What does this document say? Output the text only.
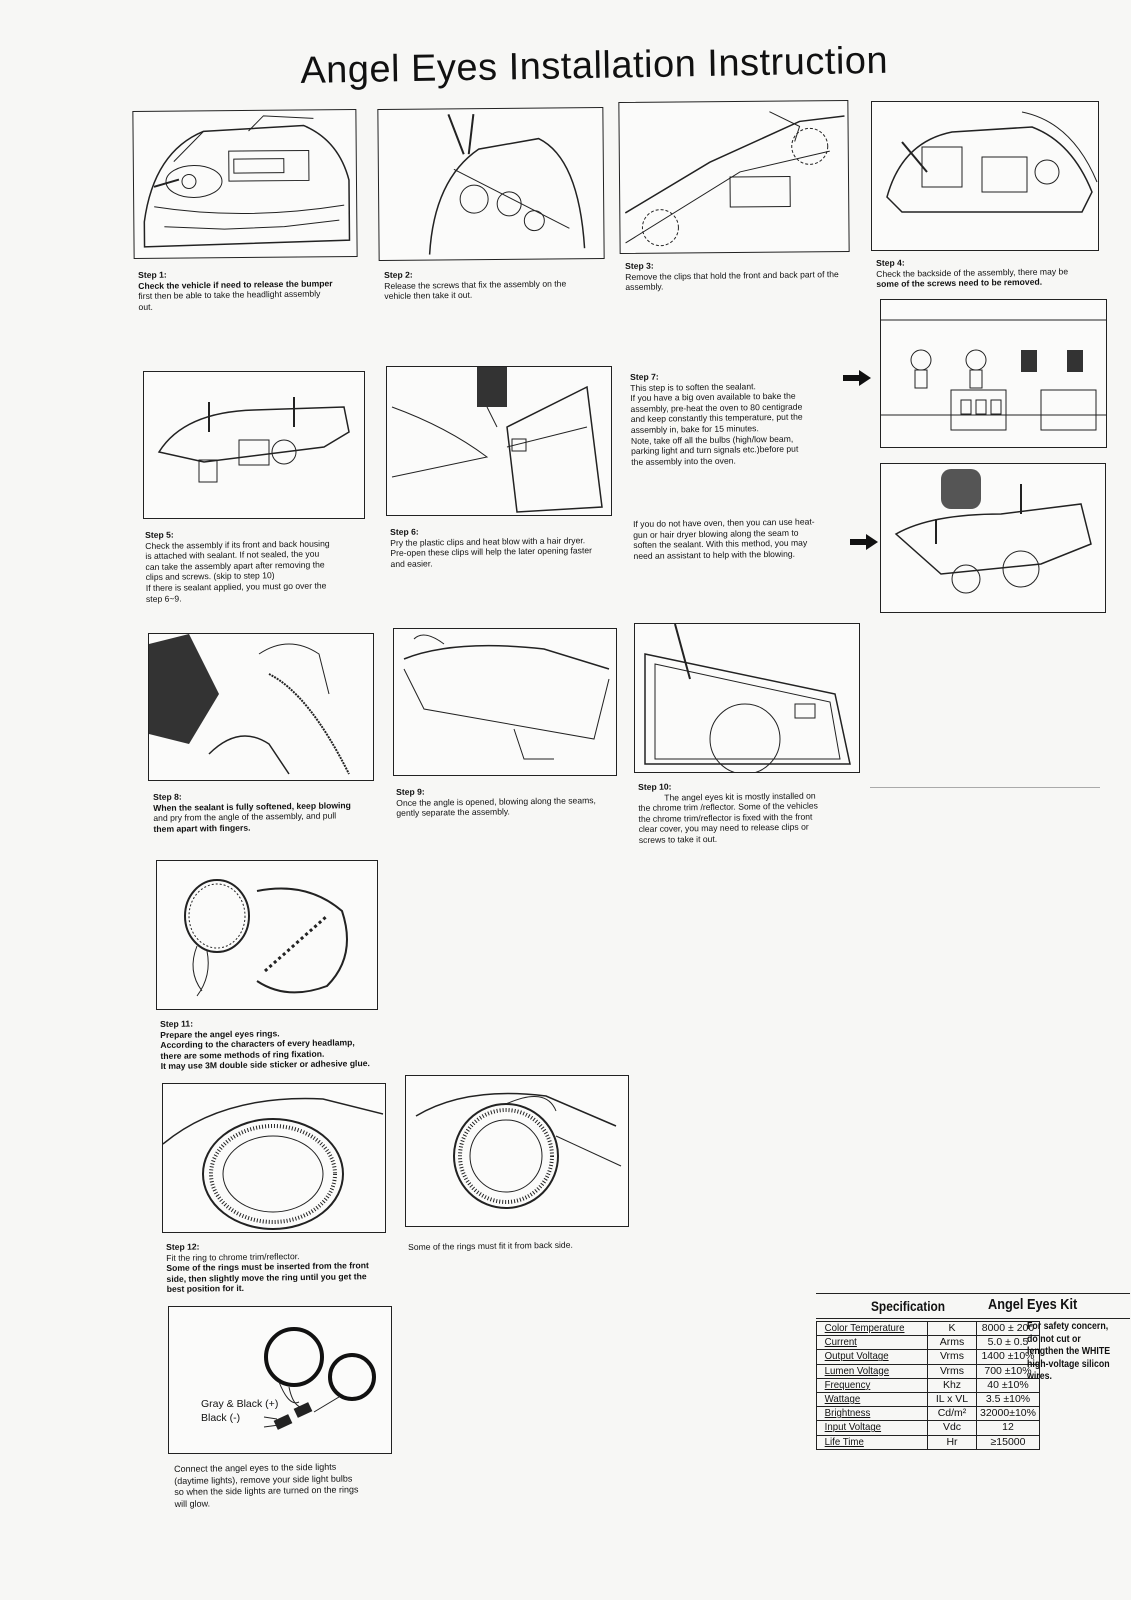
Angel Eyes Installation Instruction
Step 1:
Check the vehicle if need to release the bumper
first then be able to take the headlight assembly
out.
Step 2:
Release the screws that fix the assembly on the
vehicle then take it out.
Step 3:
Remove the clips that hold the front and back part of the
assembly.
Step 4:
Check the backside of the assembly, there may be
some of the screws need to be removed.
Step 5:
Check the assembly if its front and back housing
is attached with sealant. If not sealed, the you
can take the assembly apart after removing the
clips and screws. (skip to step 10)
If there is sealant applied, you must go over the
step 6~9.
Step 6:
Pry the plastic clips and heat blow with a hair dryer.
Pre-open these clips will help the later opening faster
and easier.
Step 7:
This step is to soften the sealant.
If you have a big oven available to bake the
assembly, pre-heat the oven to 80 centigrade
and keep constantly this temperature, put the
assembly in, bake for 15 minutes.
Note, take off all the bulbs (high/low beam,
parking light and turn signals etc.)before put
the assembly into the oven.
If you do not have oven, then you can use heat-
gun or hair dryer blowing along the seam to
soften the sealant. With this method, you may
need an assistant to help with the blowing.
Step 8:
When the sealant is fully softened, keep blowing
and pry from the angle of the assembly, and pull
them apart with fingers.
Step 9:
Once the angle is opened, blowing along the seams,
gently separate the assembly.
Step 10:
The angel eyes kit is mostly installed on
the chrome trim /reflector. Some of the vehicles
the chrome trim/reflector is fixed with the front
clear cover, you may need to release clips or
screws to take it out.
Step 11:
Prepare the angel eyes rings.
According to the characters of every headlamp,
there are some methods of ring fixation.
It may use 3M double side sticker or adhesive glue.
Step 12:
Fit the ring to chrome trim/reflector.
Some of the rings must be inserted from the front
side, then slightly move the ring until you get the
best position for it.
Some of the rings must fit it from back side.
Gray & Black (+)
Black (-)
Connect the angel eyes to the side lights
(daytime lights), remove your side light bulbs
so when the side lights are turned on the rings
will glow.
Specification	Angel Eyes Kit
Color Temperature	K	8000 ± 200
Current	Arms	5.0 ± 0.5
Output Voltage	Vrms	1400 ±10%
Lumen Voltage	Vrms	700 ±10%
Frequency	Khz	40 ±10%
Wattage	IL x VL	3.5 ±10%
Brightness	Cd/m²	32000±10%
Input Voltage	Vdc	12
Life Time	Hr	≥15000
For safety concern, do not cut or lengthen the WHITE high-voltage silicon wires.
